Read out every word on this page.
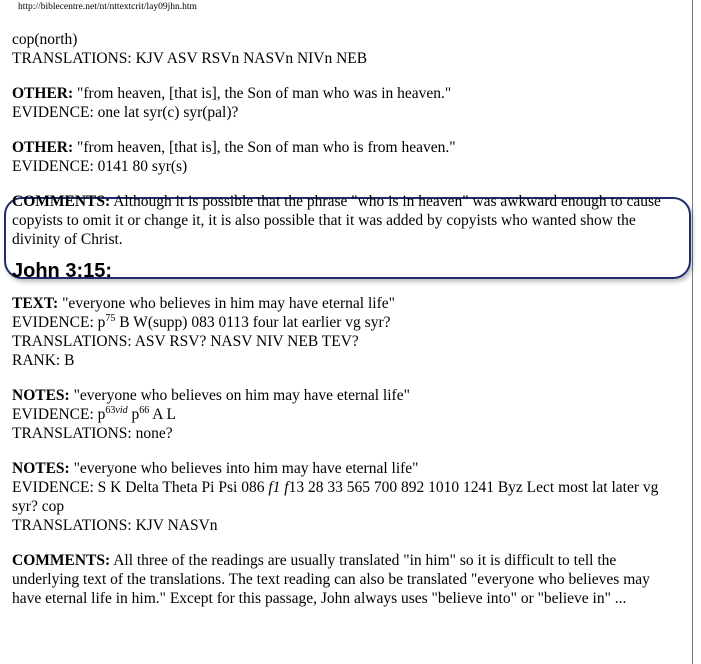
http://biblecentre.net/nt/nttextcrit/lay09jhn.htm
cop(north)
TRANSLATIONS: KJV ASV RSVn NASVn NIVn NEB
OTHER: "from heaven, [that is], the Son of man who was in heaven."
EVIDENCE: one lat syr(c) syr(pal)?
OTHER: "from heaven, [that is], the Son of man who is from heaven."
EVIDENCE: 0141 80 syr(s)
COMMENTS: Although it is possible that the phrase "who is in heaven" was awkward enough to cause
copyists to omit it or change it, it is also possible that it was added by copyists who wanted show the
divinity of Christ.
John 3:15:
TEXT: "everyone who believes in him may have eternal life"
EVIDENCE: $p^{75}$ B W(supp) 083 0113 four lat earlier vg syr?
TRANSLATIONS: ASV RSV? NASV NIV NEB TEV?
RANK: B
NOTES: "everyone who believes on him may have eternal life"
EVIDENCE: $p^{63vid}$ $p^{66}$ A L
TRANSLATIONS: none?
NOTES: "everyone who believes into him may have eternal life"
EVIDENCE: S K Delta Theta Pi Psi 086 f1 f13 28 33 565 700 892 1010 1241 Byz Lect most lat later vg
syr? cop
TRANSLATIONS: KJV NASVn
COMMENTS: All three of the readings are usually translated "in him" so it is difficult to tell the
underlying text of the translations. The text reading can also be translated "everyone who believes may
have eternal life in him." Except for this passage, John always uses "believe into" or "believe in" ...
